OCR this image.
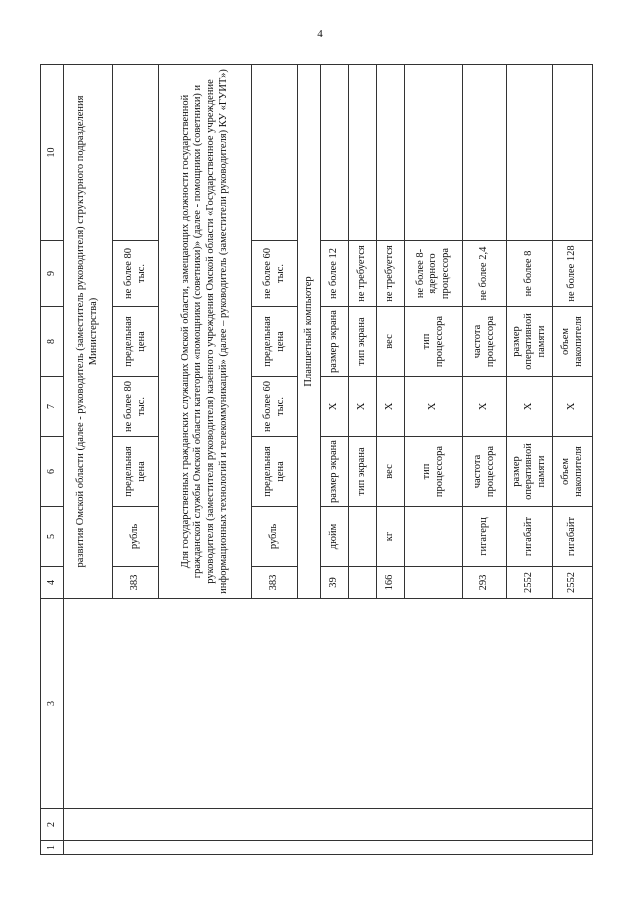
4
1	2	3	4	5	6	7	8	9	10
			развития Омской области (далее - руководитель (заместитель руководителя) структурного подразделения Министерства)						
			383	рубль	предельная цена	не более 80 тыс.	предельная цена	не более 80 тыс.	
			Для государственных гражданских служащих Омской области, замещающих должности государственной гражданской службы Омской области категории «помощники (советники)» (далее - помощники (советники) и руководителя (заместителя руководителя) казенного учреждения Омской области «Государственное учреждение информационных технологий и телекоммуникаций» (далее – руководитель (заместители руководителя) КУ «ГУИТ»)						
			383	рубль	предельная цена	не более 60 тыс.	предельная цена	не более 60 тыс.	
			Планшетный компьютер						
			39	дюйм	размер экрана	X	размер экрана	не более 12	
					тип экрана	X	тип экрана	не требуется	
			166	кг	вес	X	вес	не требуется	
					тип процессора	X	тип процессора	не более 8-ядерного процессора	
			293	гигагерц	частота процессора	X	частота процессора	не более 2,4	
			2552	гигабайт	размер оперативной памяти	X	размер оперативной памяти	не более 8	
			2552	гигабайт	объем накопителя	X	объем накопителя	не более 128	
